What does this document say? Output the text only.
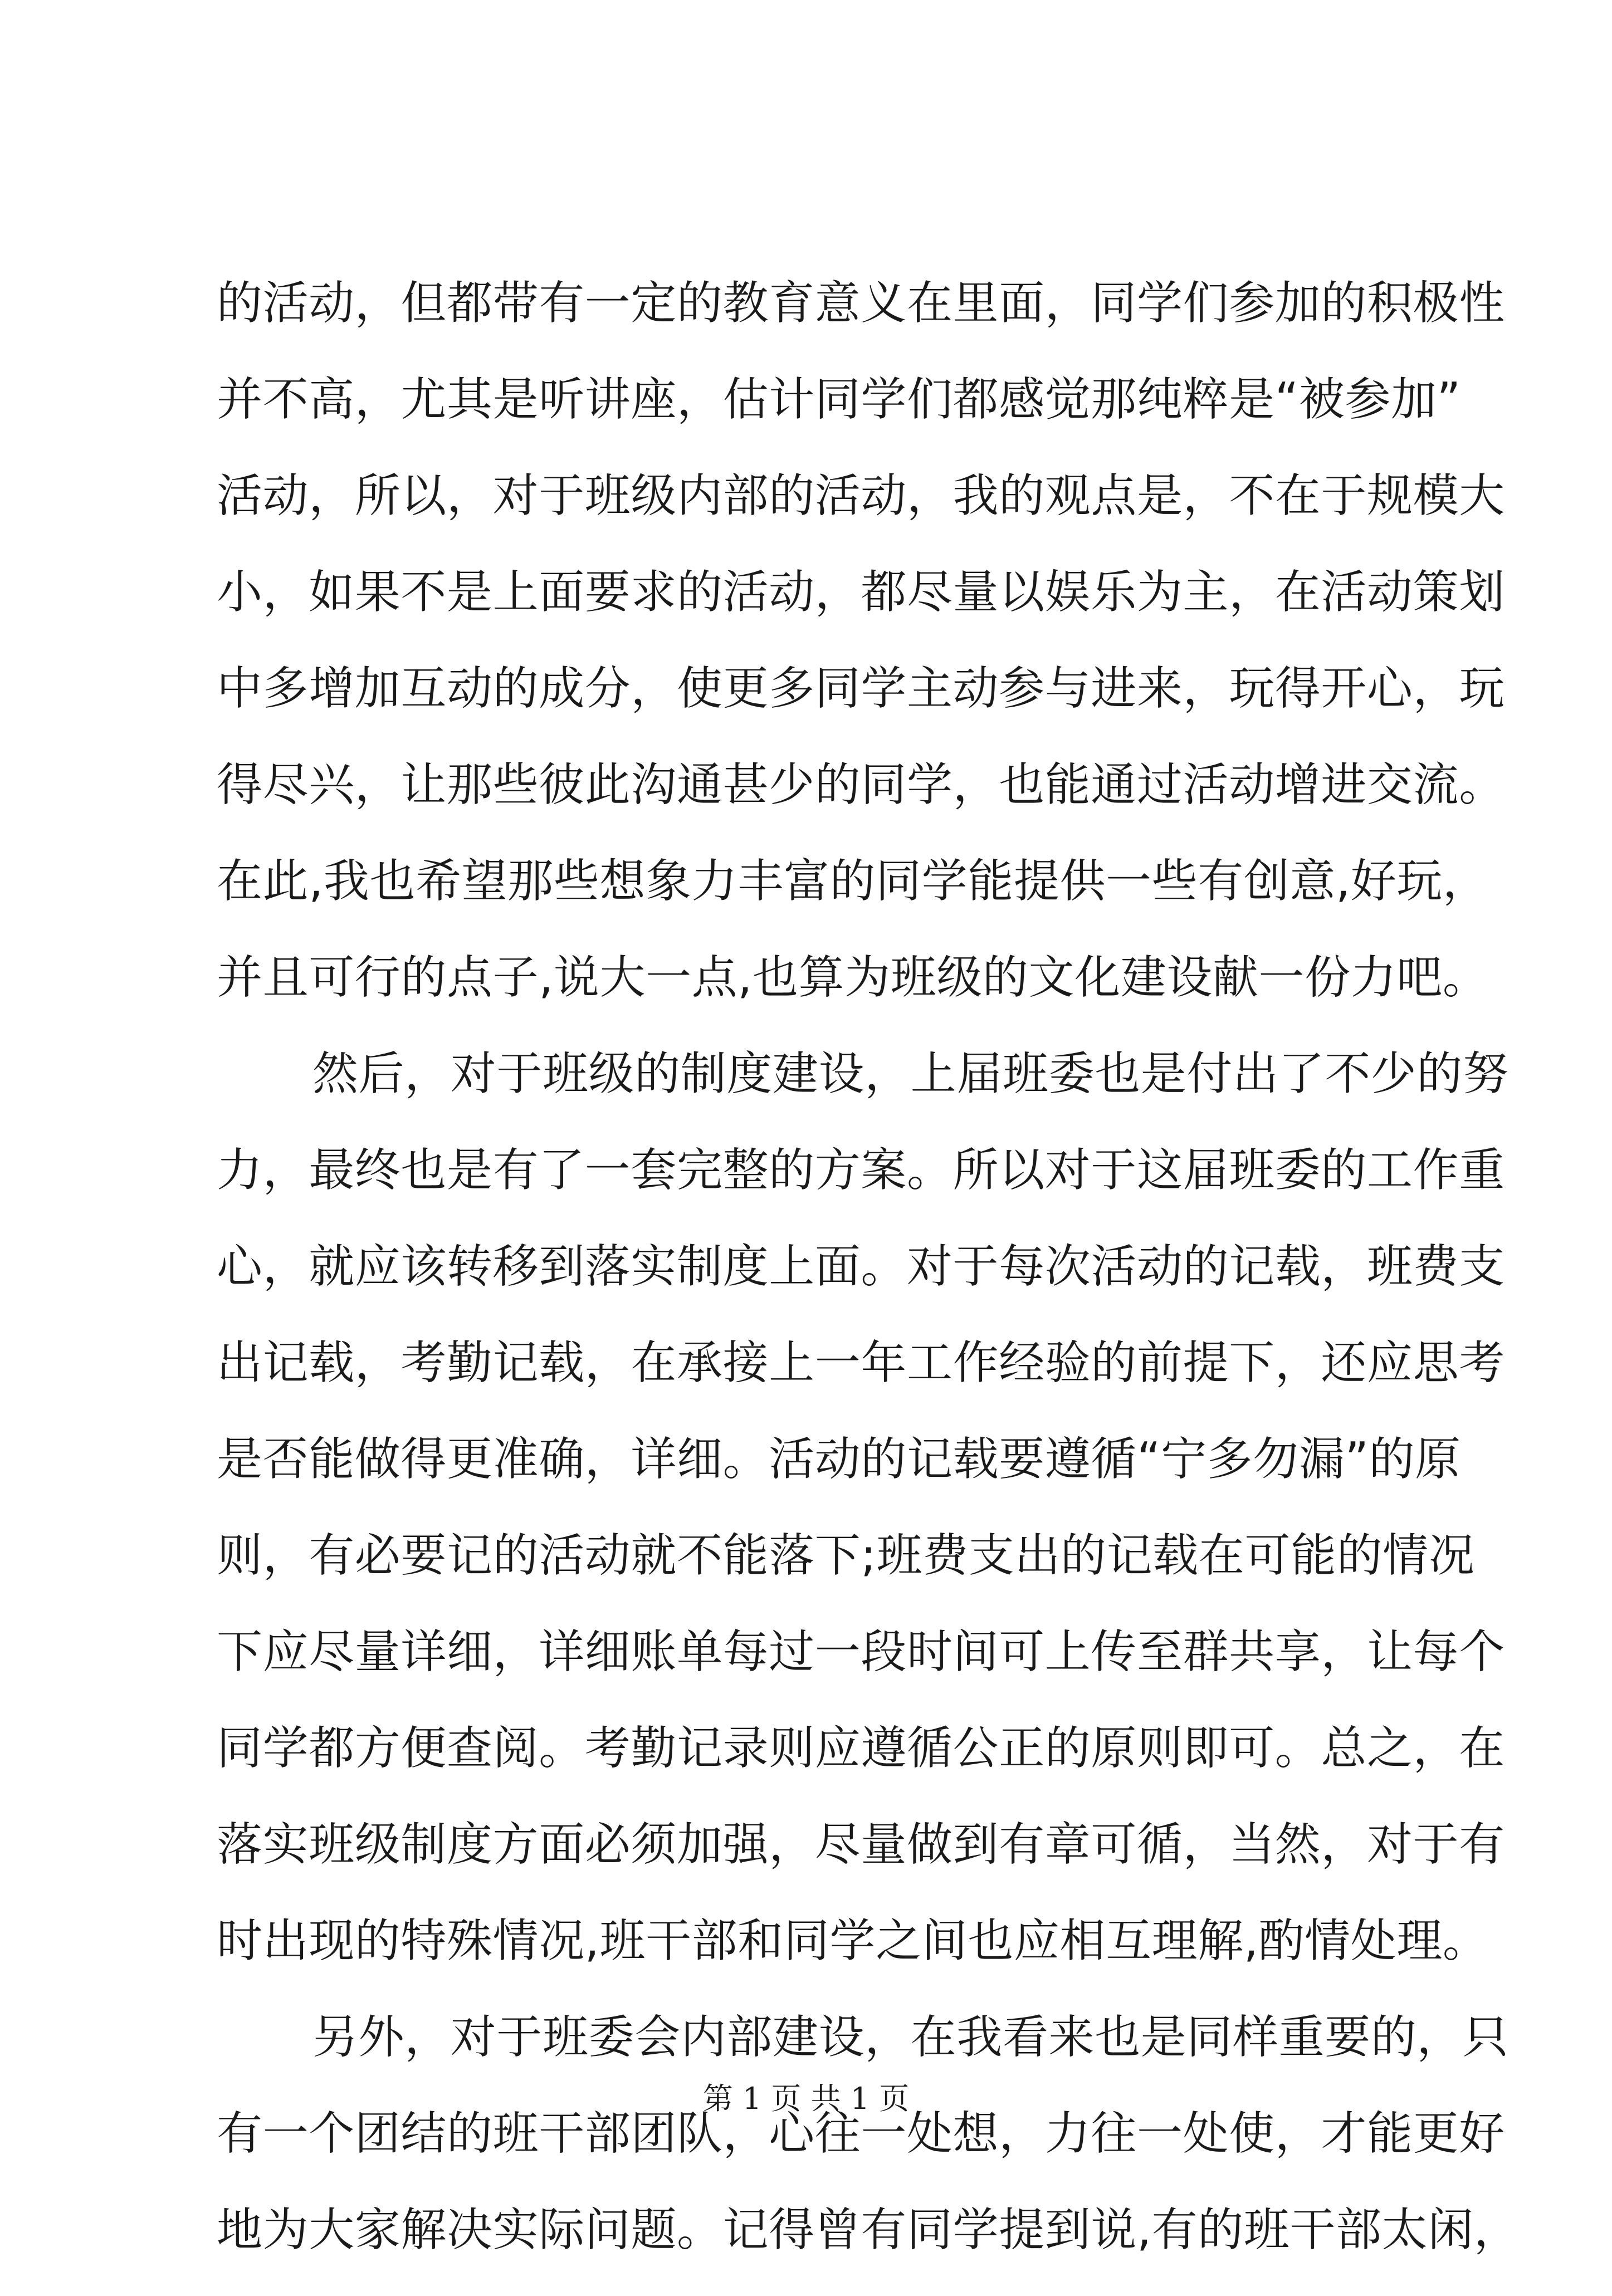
的活动，但都带有一定的教育意义在里面，同学们参加的积极性
并不高，尤其是听讲座，估计同学们都感觉那纯粹是“被参加”
活动，所以，对于班级内部的活动，我的观点是，不在于规模大
小，如果不是上面要求的活动，都尽量以娱乐为主，在活动策划
中多增加互动的成分，使更多同学主动参与进来，玩得开心，玩
得尽兴，让那些彼此沟通甚少的同学，也能通过活动增进交流。
在此,我也希望那些想象力丰富的同学能提供一些有创意,好玩，
并且可行的点子,说大一点,也算为班级的文化建设献一份力吧。
然后，对于班级的制度建设，上届班委也是付出了不少的努
力，最终也是有了一套完整的方案。所以对于这届班委的工作重
心，就应该转移到落实制度上面。对于每次活动的记载，班费支
出记载，考勤记载，在承接上一年工作经验的前提下，还应思考
是否能做得更准确，详细。活动的记载要遵循“宁多勿漏”的原
则，有必要记的活动就不能落下;班费支出的记载在可能的情况
下应尽量详细，详细账单每过一段时间可上传至群共享，让每个
同学都方便查阅。考勤记录则应遵循公正的原则即可。总之，在
落实班级制度方面必须加强，尽量做到有章可循，当然，对于有
时出现的特殊情况,班干部和同学之间也应相互理解,酌情处理。
另外，对于班委会内部建设，在我看来也是同样重要的，只
有一个团结的班干部团队，心往一处想，力往一处使，才能更好
地为大家解决实际问题。记得曾有同学提到说,有的班干部太闲，
第 1 页 共 1 页
